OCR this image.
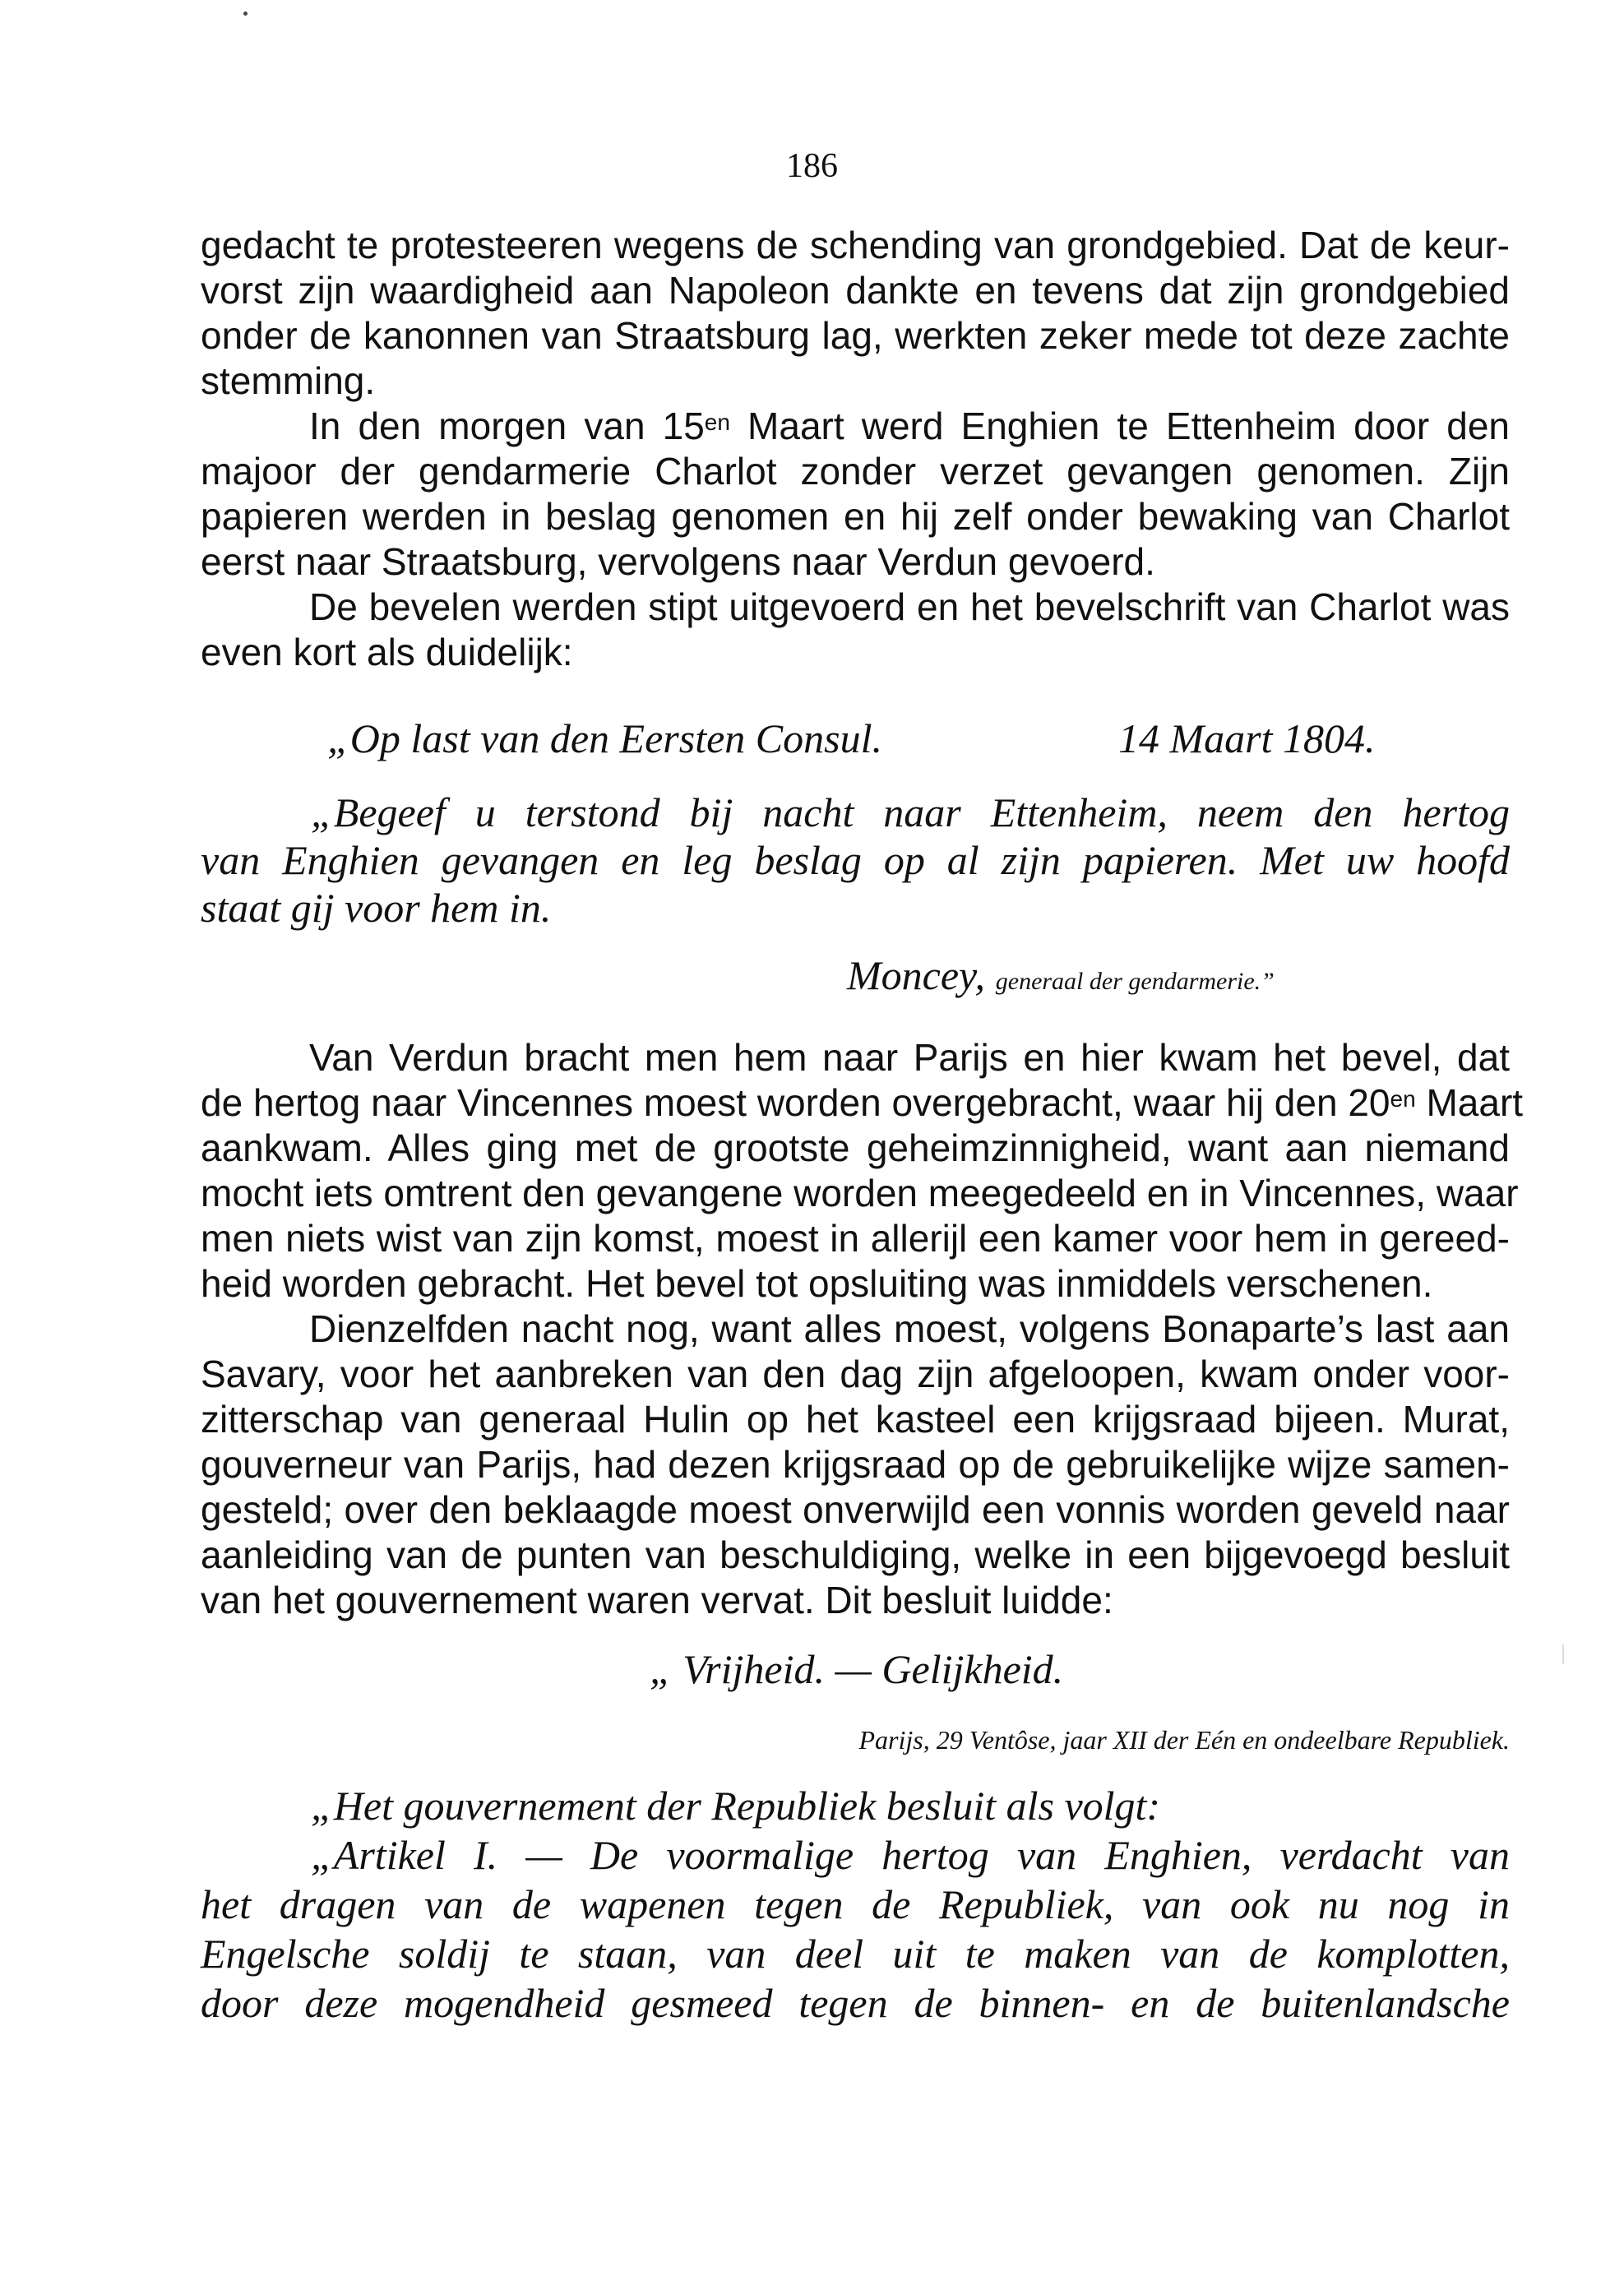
186
gedacht te protesteeren wegens de schending van grondgebied. Dat de keur-
vorst zijn waardigheid aan Napoleon dankte en tevens dat zijn grondgebied
onder de kanonnen van Straatsburg lag, werkten zeker mede tot deze zachte
stemming.
In den morgen van $15^{en}$ Maart werd Enghien te Ettenheim door den
majoor der gendarmerie Charlot zonder verzet gevangen genomen. Zijn
papieren werden in beslag genomen en hij zelf onder bewaking van Charlot
eerst naar Straatsburg, vervolgens naar Verdun gevoerd.
De bevelen werden stipt uitgevoerd en het bevelschrift van Charlot was
even kort als duidelijk:
„Op last van den Eersten Consul.	14 Maart 1804.
„Begeef u terstond bij nacht naar Ettenheim, neem den hertog
van Enghien gevangen en leg beslag op al zijn papieren. Met uw hoofd
staat gij voor hem in.
Moncey, generaal der gendarmerie.”
Van Verdun bracht men hem naar Parijs en hier kwam het bevel, dat
de hertog naar Vincennes moest worden overgebracht, waar hij den $20^{en}$ Maart
aankwam. Alles ging met de grootste geheimzinnigheid, want aan niemand
mocht iets omtrent den gevangene worden meegedeeld en in Vincennes, waar
men niets wist van zijn komst, moest in allerijl een kamer voor hem in gereed-
heid worden gebracht. Het bevel tot opsluiting was inmiddels verschenen.
Dienzelfden nacht nog, want alles moest, volgens Bonaparte’s last aan
Savary, voor het aanbreken van den dag zijn afgeloopen, kwam onder voor-
zitterschap van generaal Hulin op het kasteel een krijgsraad bijeen. Murat,
gouverneur van Parijs, had dezen krijgsraad op de gebruikelijke wijze samen-
gesteld; over den beklaagde moest onverwijld een vonnis worden geveld naar
aanleiding van de punten van beschuldiging, welke in een bijgevoegd besluit
van het gouvernement waren vervat. Dit besluit luidde:
„ Vrijheid. — Gelijkheid.
Parijs, 29 Ventôse, jaar XII der Eén en ondeelbare Republiek.
„Het gouvernement der Republiek besluit als volgt:
„Artikel I. — De voormalige hertog van Enghien, verdacht van
het dragen van de wapenen tegen de Republiek, van ook nu nog in
Engelsche soldij te staan, van deel uit te maken van de komplotten,
door deze mogendheid gesmeed tegen de binnen- en de buitenlandsche
